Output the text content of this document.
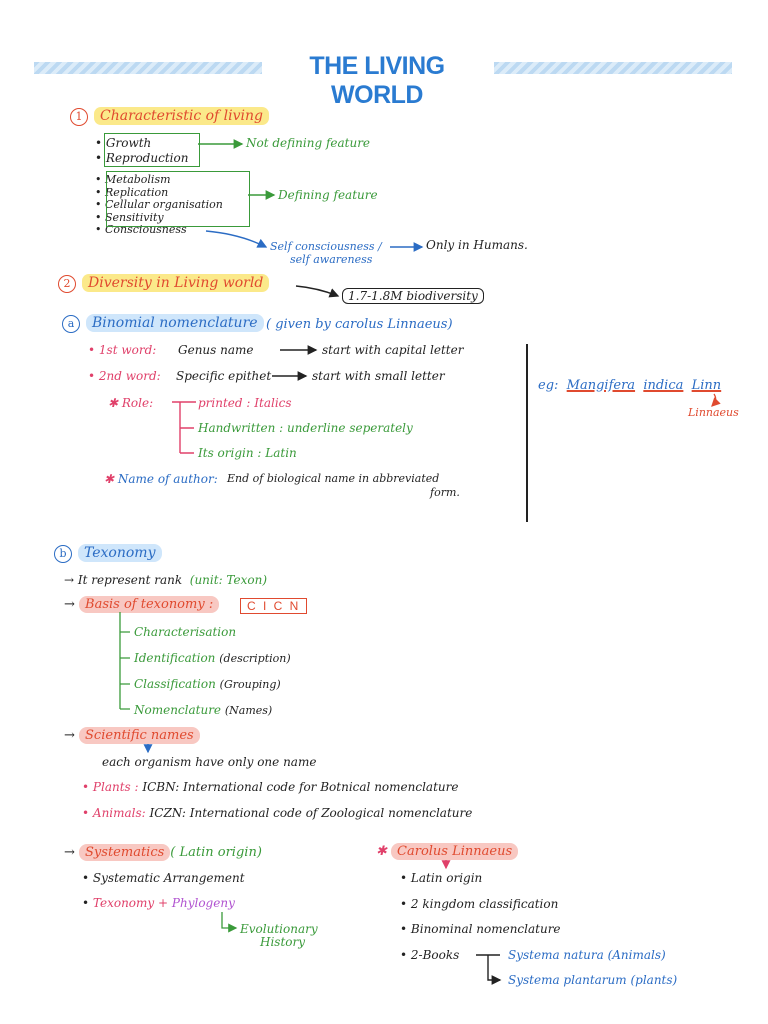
THE LIVING WORLD
1 Characteristic of living
• Growth
• Reproduction
Not defining feature
• Metabolism
• Replication
• Cellular organisation
• Sensitivity
• Consciousness
Defining feature
Self consciousness /
self awareness
Only in Humans.
2 Diversity in Living world
1.7-1.8M biodiversity
a Binomial nomenclature ( given by carolus Linnaeus)
• 1st word: Genus name	start with capital letter
• 2nd word: Specific epithet	start with small letter
✱ Role:	printed : Italics
Handwritten : underline seperately
Its origin : Latin
✱ Name of author: End of biological name in abbreviated
form.
eg: Mangifera indica Linn
Linnaeus
b Texonomy
→ It represent rank (unit: Texon)
→ Basis of texonomy :	C I C N
Characterisation
Identification (description)
Classification (Grouping)
Nomenclature (Names)
→ Scientific names
each organism have only one name
• Plants : ICBN: International code for Botnical nomenclature
• Animals: ICZN: International code of Zoological nomenclature
→ Systematics ( Latin origin)
• Systematic Arrangement
• Texonomy + Phylogeny
Evolutionary
History
✱ Carolus Linnaeus
• Latin origin
• 2 kingdom classification
• Binominal nomenclature
• 2-Books	Systema natura (Animals)
Systema plantarum (plants)
